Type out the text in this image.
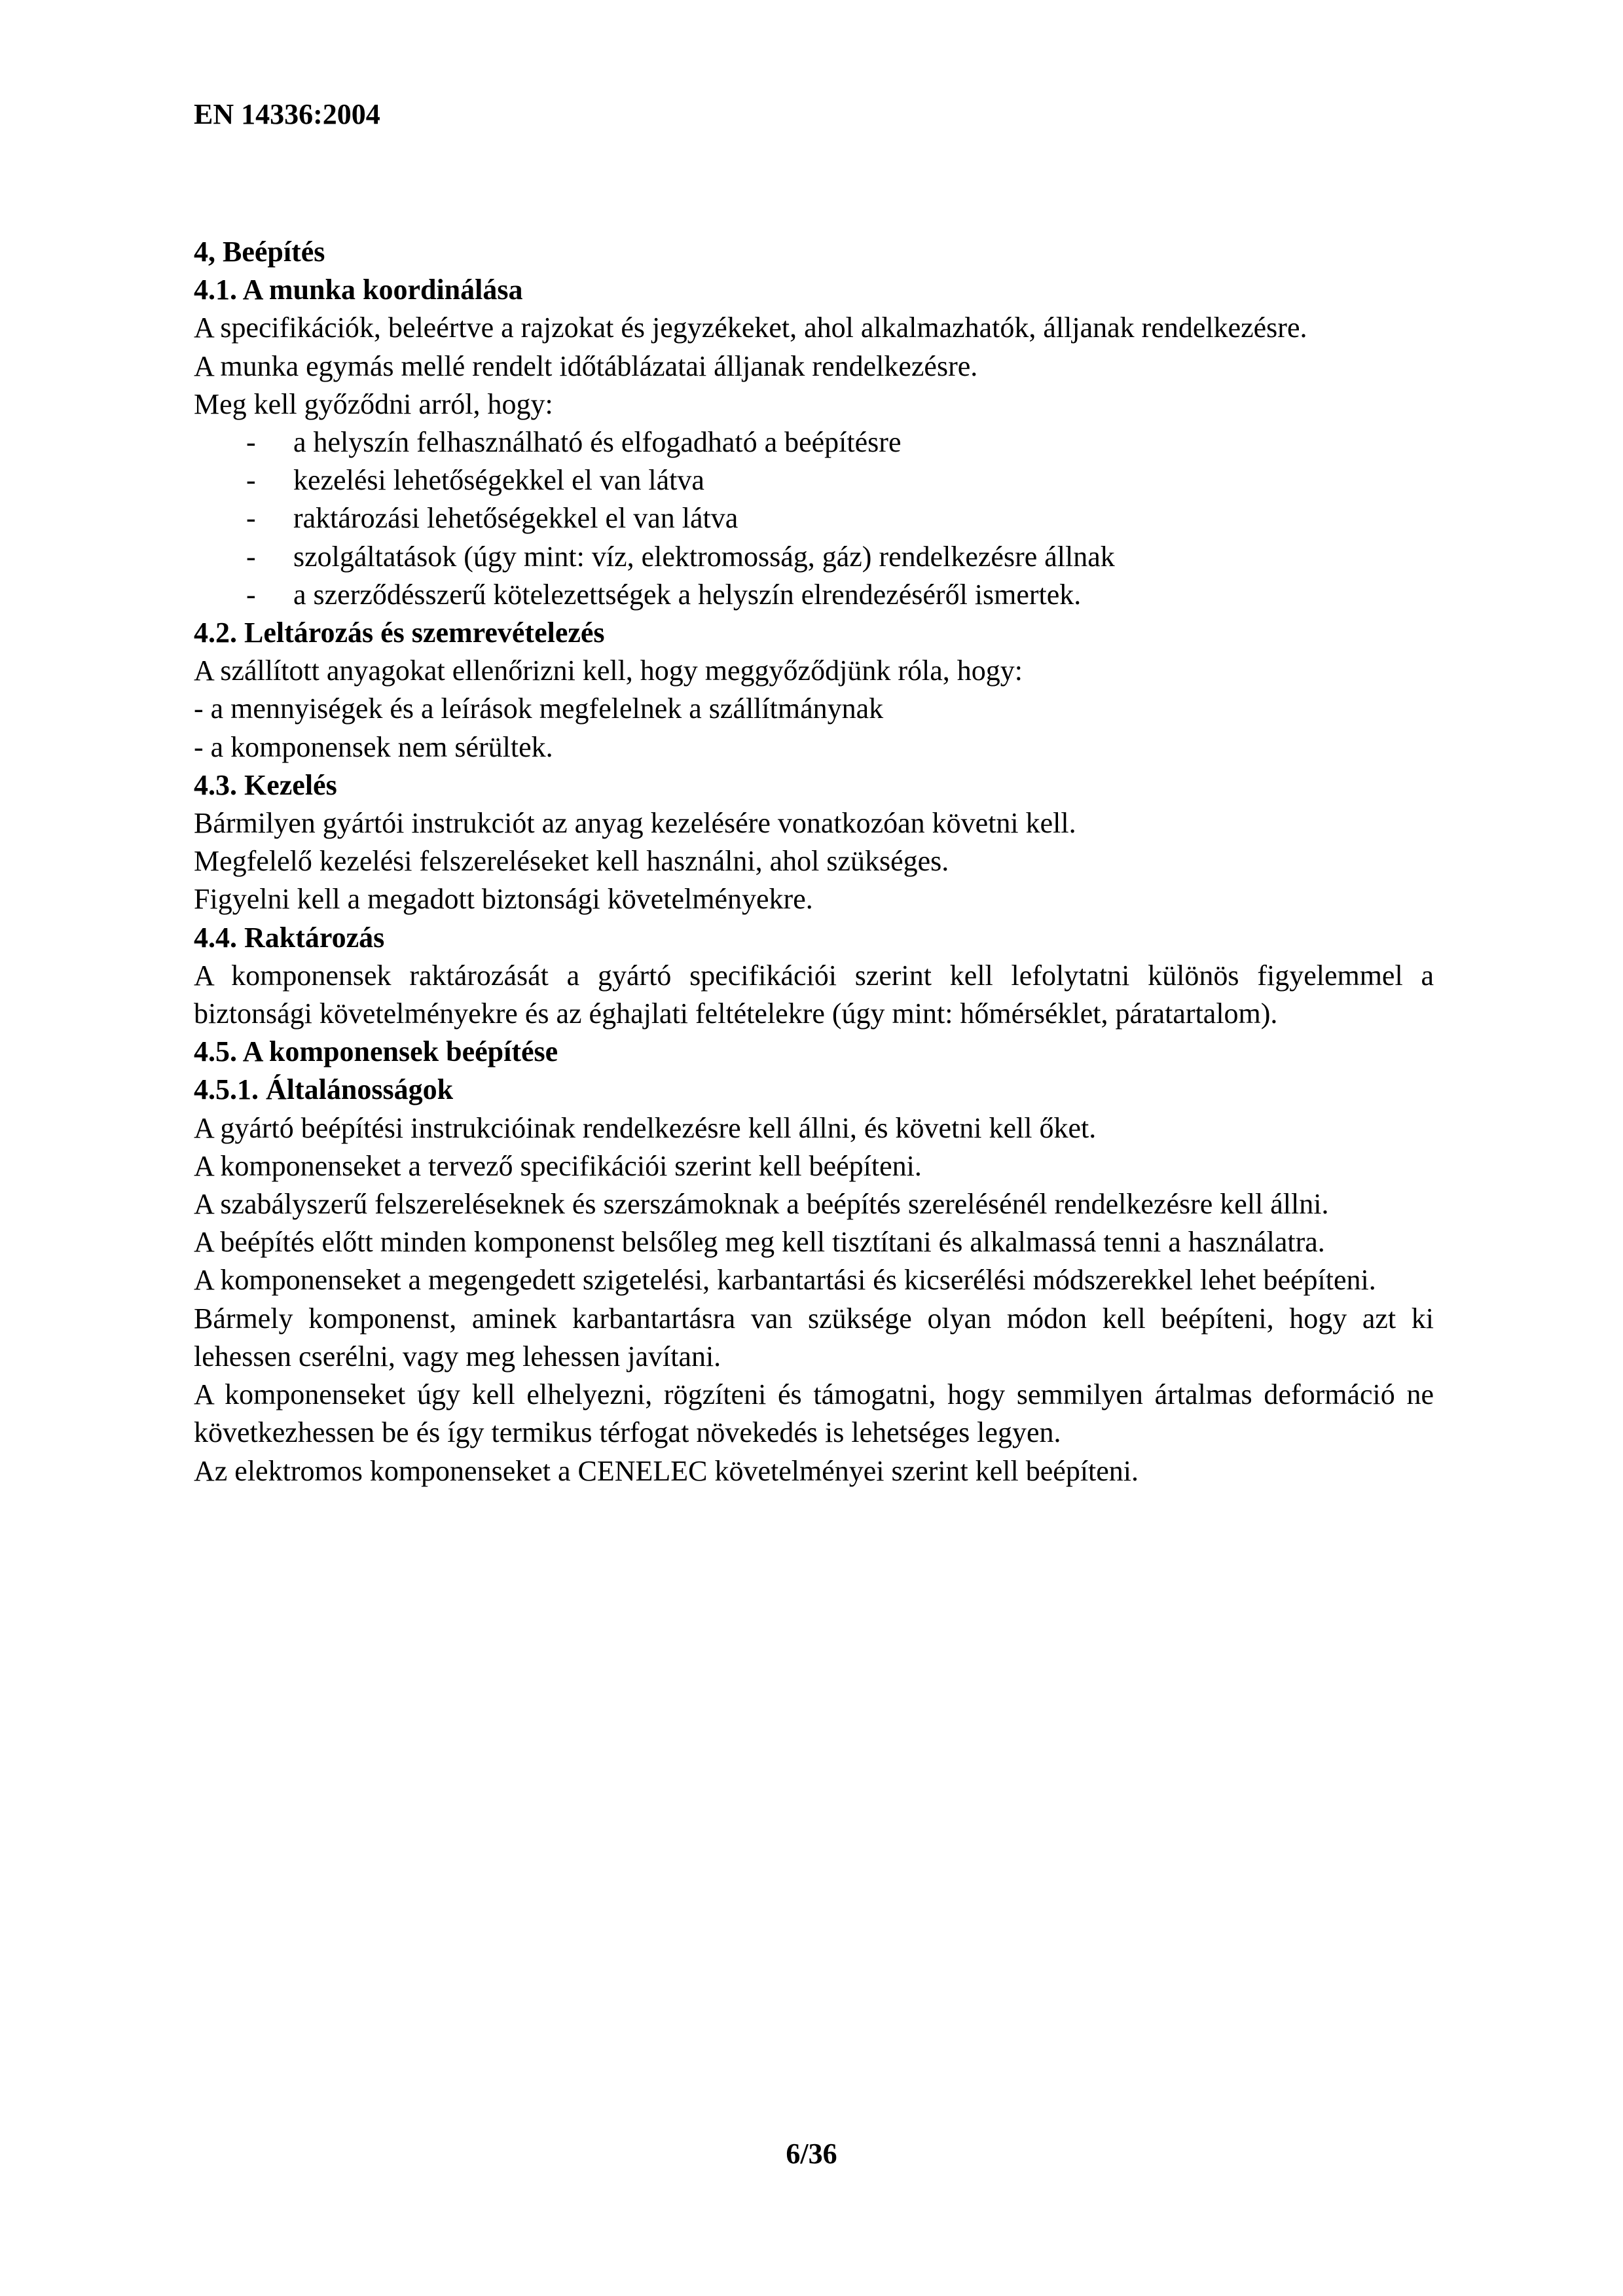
EN 14336:2004
4, Beépítés
4.1. A munka koordinálása

A specifikációk, beleértve a rajzokat és jegyzékeket, ahol alkalmazhatók, álljanak rendelkezésre.

A munka egymás mellé rendelt időtáblázatai álljanak rendelkezésre.

Meg kell győződni arról, hogy:

- a helyszín felhasználható és elfogadható a beépítésre
- kezelési lehetőségekkel el van látva
- raktározási lehetőségekkel el van látva
- szolgáltatások (úgy mint: víz, elektromosság, gáz) rendelkezésre állnak
- a szerződésszerű kötelezettségek a helyszín elrendezéséről ismertek.
4.2. Leltározás és szemrevételezés

A szállított anyagokat ellenőrizni kell, hogy meggyőződjünk róla, hogy:

- a mennyiségek és a leírások megfelelnek a szállítmánynak

- a komponensek nem sérültek.

4.3. Kezelés

Bármilyen gyártói instrukciót az anyag kezelésére vonatkozóan követni kell.

Megfelelő kezelési felszereléseket kell használni, ahol szükséges.

Figyelni kell a megadott biztonsági követelményekre.

4.4. Raktározás

A komponensek raktározását a gyártó specifikációi szerint kell lefolytatni különös figyelemmel a biztonsági követelményekre és az éghajlati feltételekre (úgy mint: hőmérséklet, páratartalom).

4.5. A komponensek beépítése
4.5.1. Általánosságok

A gyártó beépítési instrukcióinak rendelkezésre kell állni, és követni kell őket.

A komponenseket a tervező specifikációi szerint kell beépíteni.

A szabályszerű felszereléseknek és szerszámoknak a beépítés szerelésénél rendelkezésre kell állni.

A beépítés előtt minden komponenst belsőleg meg kell tisztítani és alkalmassá tenni a használatra.

A komponenseket a megengedett szigetelési, karbantartási és kicserélési módszerekkel lehet beépíteni.

Bármely komponenst, aminek karbantartásra van szüksége olyan módon kell beépíteni, hogy azt ki lehessen cserélni, vagy meg lehessen javítani.

A komponenseket úgy kell elhelyezni, rögzíteni és támogatni, hogy semmilyen ártalmas deformáció ne következhessen be és így termikus térfogat növekedés is lehetséges legyen.

Az elektromos komponenseket a CENELEC követelményei szerint kell beépíteni.

6/36
